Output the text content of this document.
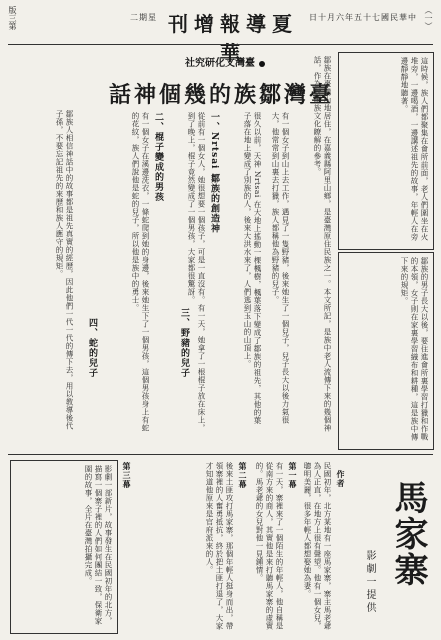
（一）
日十月六年五十七國民華中
刊增報導夏華
二期星
版三第
社究研化文灣臺
話神個幾的族鄒灣臺
鄒族人相信神話中的故事都是祖先真實的經歷，因此他們一代一代的傳下去，用以教導後代子孫，不要忘記祖先的來歷和族人應守的規矩。
四、蛇的兒子	有一個女子在溪邊洗衣，一條蛇爬到她的身邊，後來她生下了一個男孩，這個男孩身上有蛇的花紋，族人們說他是蛇的兒子，所以他是族中的勇士。	二、棍子變成的男孩	從前有一個女人，她很想要一個孩子，可是一直沒有。有一天，她拿了一根棍子放在床上，到了晚上，棍子竟然變成了一個男孩，大家都很驚訝。	一、Nrtsai 鄒族的創造神	很久以前，天神 Nrtsai 在大地上搖動一棵楓樹，楓葉落下變成了鄒族的祖先，其他的葉子落在地上變成了別族的人，後來大洪水來了，人們逃到玉山的山頂上。
三、野豬的兒子	有一個女子到山上去工作，遇見了一隻野豬，後來她生了一個兒子，兒子長大以後力氣很大，他常常到山裏去打獵，族人都稱他為野豬的兒子。	鄒族在臺灣山地居住，在嘉義縣阿里山鄉，是臺灣原住民族之一。本文所記，是族中老人流傳下來的幾個神話，作為對鄒族文化瞭解的參考。	這時候，族人們都聚集在會所前面，老人們圍坐在火堆旁，一邊喝酒，一邊講述祖先的故事，年輕人在旁邊靜靜地聽著。
鄒族的男子長大以後，要住進會所裏學習打獵和作戰的本領，女子則在家裏學習織布和耕種，這是族中傳下來的規矩。
馬家寨
影劇一提供
作者
民國初年，北方某地有一座馬家寨，寨主馬老爺為人正直，在地方上很有聲望。他有一個女兒，聰明美麗，很多年輕人都想娶她為妻。
第一幕
有一天，寨裡來了一個陌生的年輕人，他自稱是從南方來的商人，其實他是來打聽馬家寨的虛實的。馬老爺的女兒對他一見鍾情。
第二幕
後來土匪攻打馬家寨，那個年輕人挺身而出，帶領寨裡的人奮勇抵抗，終於把土匪打退了，大家才知道他原來是官府派來的人。
第三幕
影劇一部新片，故事發生在民國初年的北方，描寫一個寨子裡的人們如何團結一致，保衛家園的故事，全片在臺灣拍攝完成。
